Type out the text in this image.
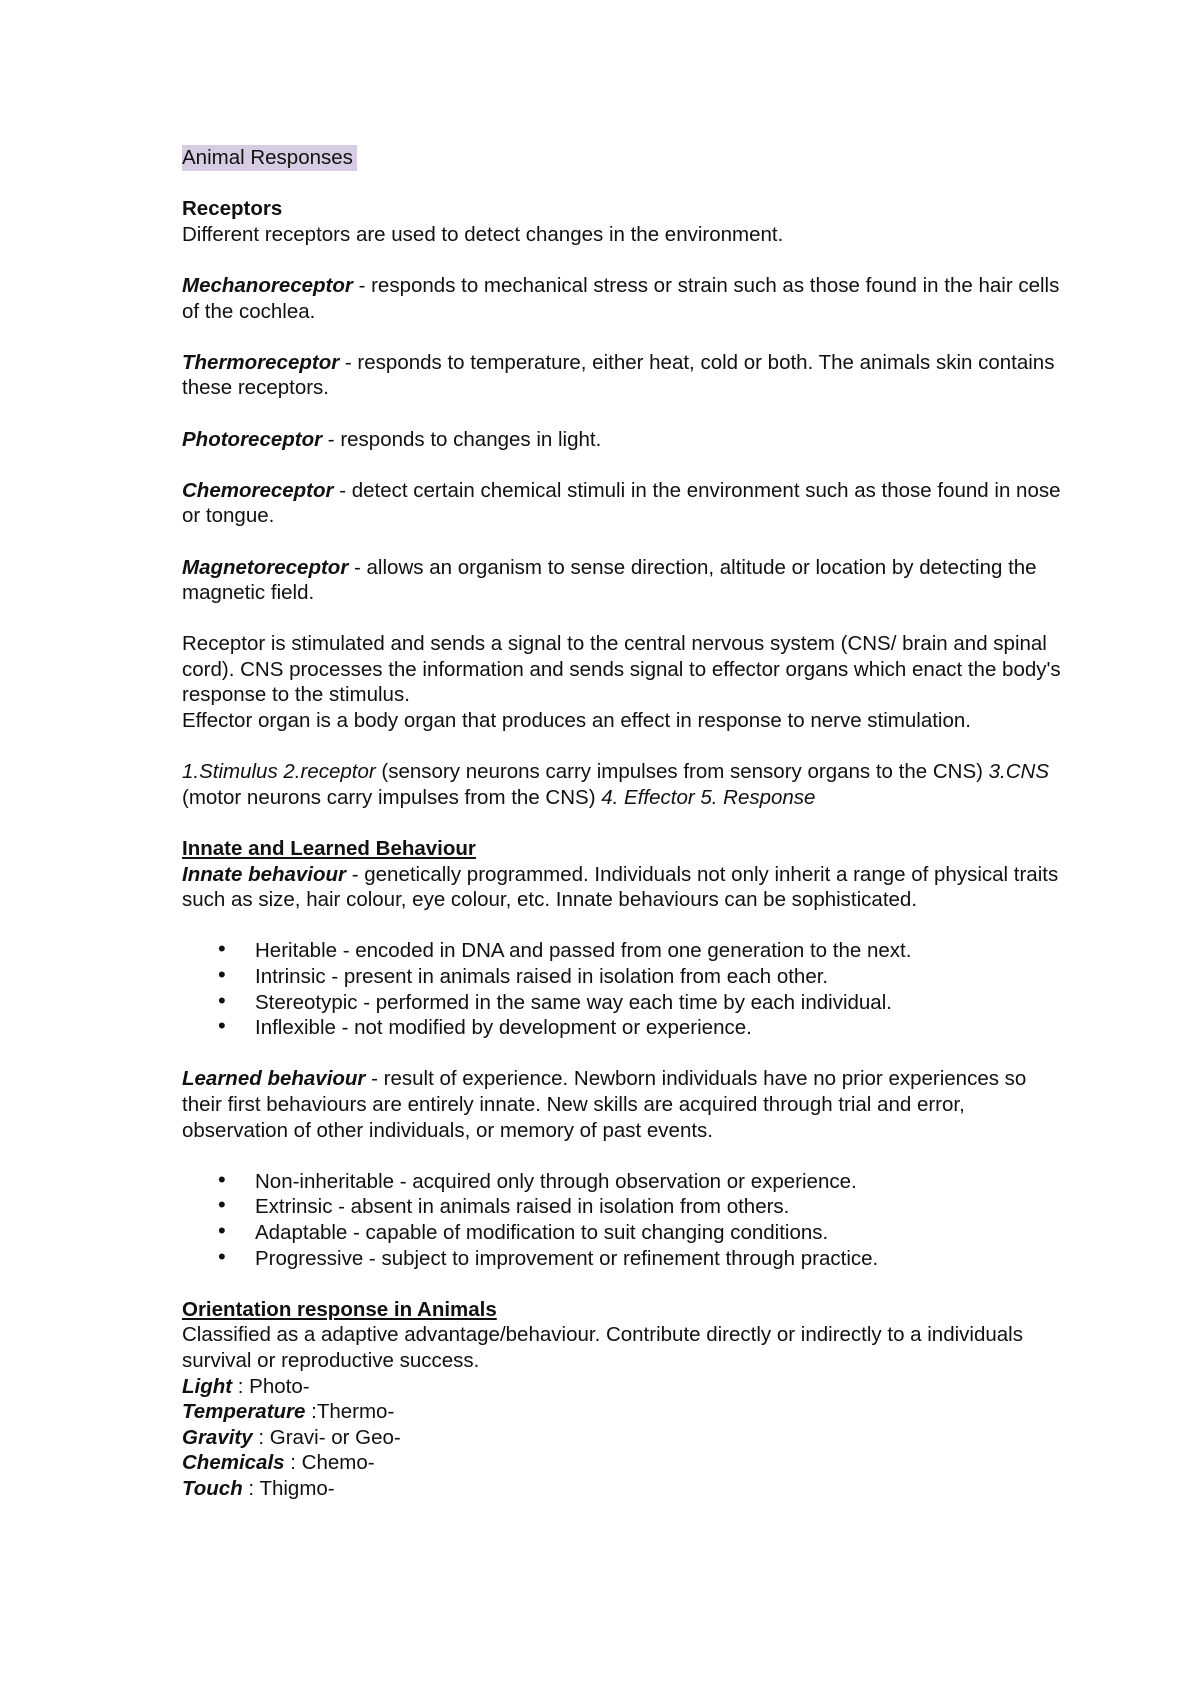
Animal Responses

Receptors

Different receptors are used to detect changes in the environment.

Mechanoreceptor - responds to mechanical stress or strain such as those found in the hair cells of the cochlea.

Thermoreceptor - responds to temperature, either heat, cold or both. The animals skin contains these receptors.

Photoreceptor - responds to changes in light.

Chemoreceptor - detect certain chemical stimuli in the environment such as those found in nose or tongue.

Magnetoreceptor - allows an organism to sense direction, altitude or location by detecting the magnetic field.

Receptor is stimulated and sends a signal to the central nervous system (CNS/ brain and spinal cord). CNS processes the information and sends signal to effector organs which enact the body's response to the stimulus.

Effector organ is a body organ that produces an effect in response to nerve stimulation.

1.Stimulus 2.receptor (sensory neurons carry impulses from sensory organs to the CNS) 3.CNS (motor neurons carry impulses from the CNS) 4. Effector 5. Response

Innate and Learned Behaviour

Innate behaviour - genetically programmed. Individuals not only inherit a range of physical traits such as size, hair colour, eye colour, etc. Innate behaviours can be sophisticated.

• Heritable - encoded in DNA and passed from one generation to the next.
• Intrinsic - present in animals raised in isolation from each other.
• Stereotypic - performed in the same way each time by each individual.
• Inflexible - not modified by development or experience.

Learned behaviour - result of experience. Newborn individuals have no prior experiences so their first behaviours are entirely innate. New skills are acquired through trial and error, observation of other individuals, or memory of past events.

• Non-inheritable - acquired only through observation or experience.
• Extrinsic - absent in animals raised in isolation from others.
• Adaptable - capable of modification to suit changing conditions.
• Progressive - subject to improvement or refinement through practice.

Orientation response in Animals

Classified as a adaptive advantage/behaviour. Contribute directly or indirectly to a individuals survival or reproductive success.

Light : Photo-

Temperature :Thermo-

Gravity : Gravi- or Geo-

Chemicals : Chemo-

Touch : Thigmo-
